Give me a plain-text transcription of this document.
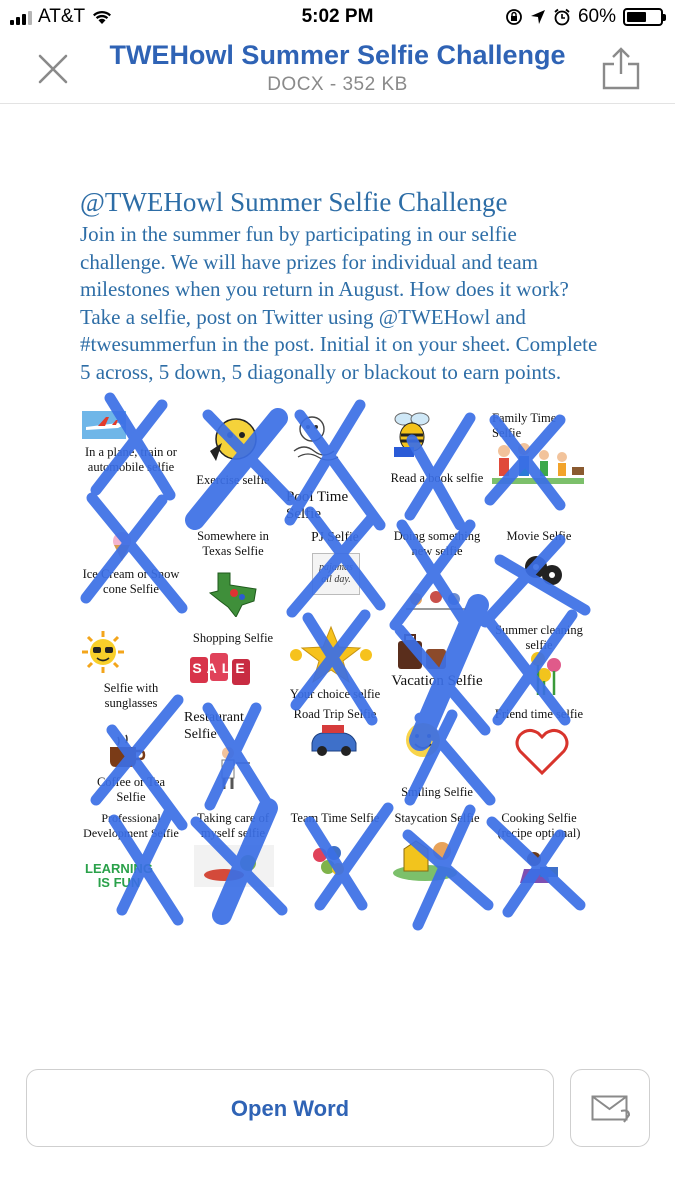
AT&T	5:02 PM	60%
TWEHowl Summer Selfie Challenge
DOCX - 352 KB
@TWEHowl Summer Selfie Challenge
Join in the summer fun by participating in our selfie challenge. We will have prizes for individual and team milestones when you return in August. How does it work? Take a selfie, post on Twitter using @TWEHowl and #twesummerfun in the post. Initial it on your sheet. Complete 5 across, 5 down, 5 diagonally or blackout to earn points.
In a plane, train or automobile selfie
Exercise selfie
Pool Time Selfie
Read a book selfie
Family Time Selfie
Ice Cream or Snow cone Selfie
Somewhere in Texas Selfie
PJ Selfie
pajamas all day.
Doing something new selfie
Movie Selfie
Selfie with sunglasses
Shopping Selfie
SALE
Your choice selfie
Vacation Selfie
Summer cleaning selfie
Coffee or Tea Selfie
Restaurant Selfie
Road Trip Selfie
Smiling Selfie
Friend time selfie
Professional Development Selfie
LEARNING IS FUN
Taking care of myself selfie
Team Time Selfie	Staycation Selfie	Cooking Selfie (recipe optional)
Open Word
